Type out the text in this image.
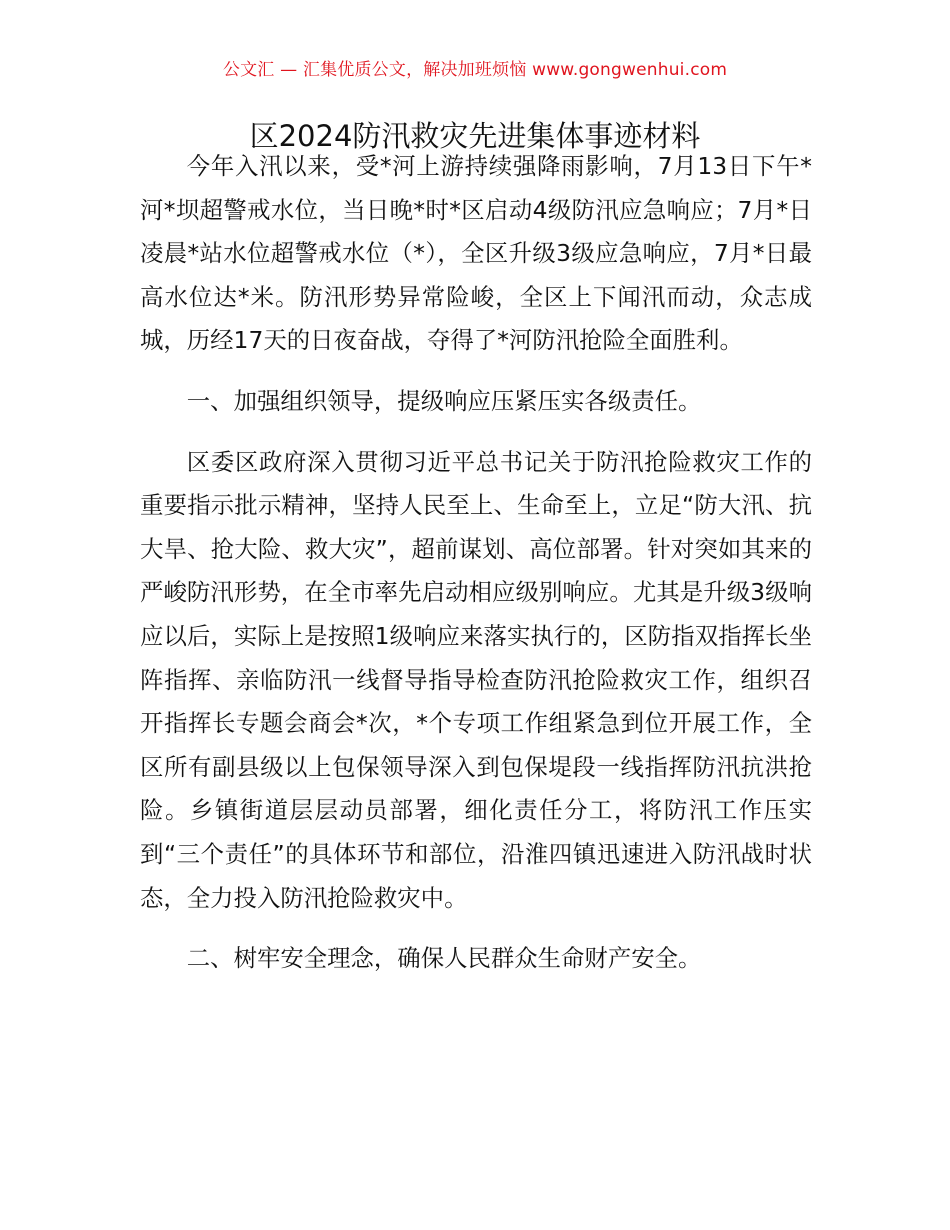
公文汇 — 汇集优质公文，解决加班烦恼 www.gongwenhui.com
区2024防汛救灾先进集体事迹材料

今年入汛以来，受*河上游持续强降雨影响，7月13日下午*河*坝超警戒水位，当日晚*时*区启动4级防汛应急响应；7月*日凌晨*站水位超警戒水位（*），全区升级3级应急响应，7月*日最高水位达*米。防汛形势异常险峻，全区上下闻汛而动，众志成城，历经17天的日夜奋战，夺得了*河防汛抢险全面胜利。

一、加强组织领导，提级响应压紧压实各级责任。

区委区政府深入贯彻习近平总书记关于防汛抢险救灾工作的重要指示批示精神，坚持人民至上、生命至上，立足“防大汛、抗大旱、抢大险、救大灾”，超前谋划、高位部署。针对突如其来的严峻防汛形势，在全市率先启动相应级别响应。尤其是升级3级响应以后，实际上是按照1级响应来落实执行的，区防指双指挥长坐阵指挥、亲临防汛一线督导指导检查防汛抢险救灾工作，组织召开指挥长专题会商会*次，*个专项工作组紧急到位开展工作，全区所有副县级以上包保领导深入到包保堤段一线指挥防汛抗洪抢险。乡镇街道层层动员部署，细化责任分工，将防汛工作压实到“三个责任”的具体环节和部位，沿淮四镇迅速进入防汛战时状态，全力投入防汛抢险救灾中。

二、树牢安全理念，确保人民群众生命财产安全。
